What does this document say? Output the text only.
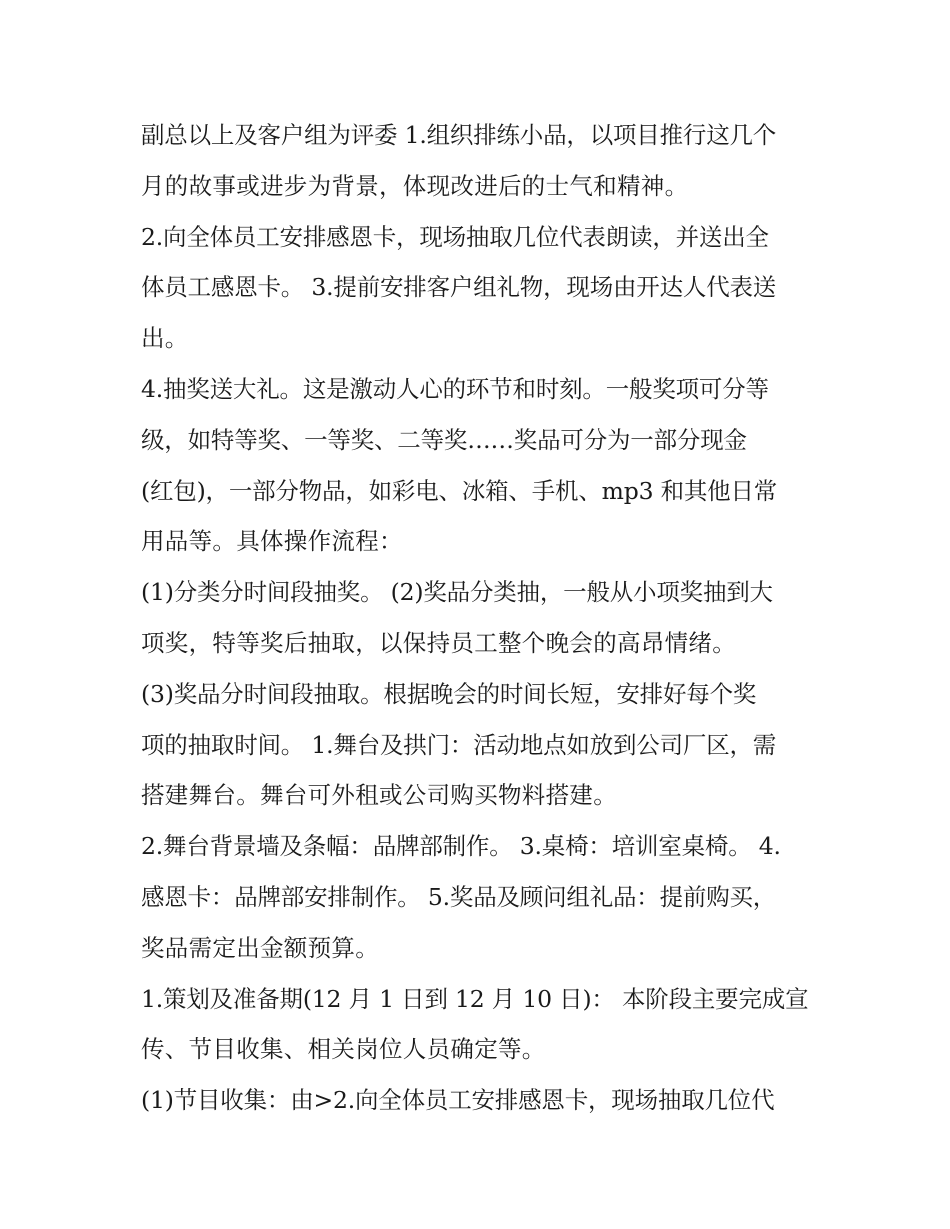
副总以上及客户组为评委 1.组织排练小品，以项目推行这几个
月的故事或进步为背景，体现改进后的士气和精神。
2.向全体员工安排感恩卡，现场抽取几位代表朗读，并送出全
体员工感恩卡。 3.提前安排客户组礼物，现场由开达人代表送
出。
4.抽奖送大礼。这是激动人心的环节和时刻。一般奖项可分等
级，如特等奖、一等奖、二等奖……奖品可分为一部分现金
(红包)，一部分物品，如彩电、冰箱、手机、mp3 和其他日常
用品等。具体操作流程：
(1)分类分时间段抽奖。 (2)奖品分类抽，一般从小项奖抽到大
项奖，特等奖后抽取，以保持员工整个晚会的高昂情绪。
(3)奖品分时间段抽取。根据晚会的时间长短，安排好每个奖
项的抽取时间。 1.舞台及拱门：活动地点如放到公司厂区，需
搭建舞台。舞台可外租或公司购买物料搭建。
2.舞台背景墙及条幅：品牌部制作。 3.桌椅：培训室桌椅。 4.
感恩卡：品牌部安排制作。 5.奖品及顾问组礼品：提前购买，
奖品需定出金额预算。
1.策划及准备期(12 月 1 日到 12 月 10 日)： 本阶段主要完成宣
传、节目收集、相关岗位人员确定等。
(1)节目收集：由>2.向全体员工安排感恩卡，现场抽取几位代
